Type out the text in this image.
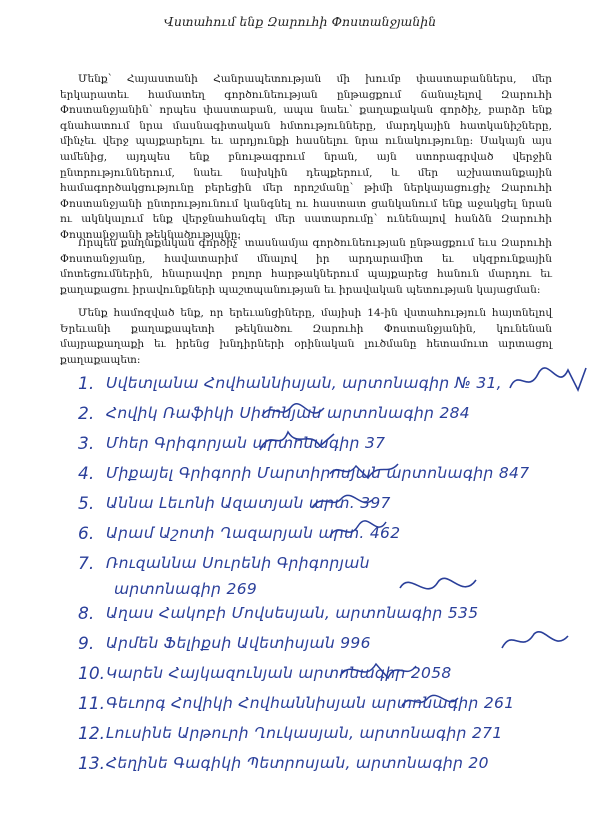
Վստահում ենք Զարուհի Փոստանջյանին
Մենք՝ Հայաստանի Հանրապետության մի խումբ փաստաբաններս, մեր երկարատեւ համատեղ գործունեության ընթացքում ճանաչելով Զարուհի Փոստանջյանին՝ որպես փաստաբան, ապա նաեւ՝ քաղաքական գործիչ, բարձր ենք գնահատում նրա մասնագիտական հմտությունները, մարդկային հատկանիշները, մինչեւ վերջ պայքարելու եւ արդյունքի հասնելու նրա ունակությունը: Սակայն այս ամենից, այդպես ենք բնութագրում նրան, այն ստորագրված վերջին ընտրություններում, նաեւ նախկին դեպքերում, և մեր աշխատանքային համագործակցությունը բերեցին մեր որոշմանը՝ թիմի ներկայացուցիչ Զարուհի Փոստանջյանի ընտրությունում կանգնել ու հաստատ ցանկանում ենք աջակցել նրան ու ակնկալում ենք վերջնահանգել մեր սատարումը՝ ունենալով հանձն Զարուհի Փոստանջյանի թեկնածությանը:
Որպես քաղաքական գործիչ՝ տասնամյա գործունեության ընթացքում եւս Զարուհի Փոստանջյանը, հավատարիմ մնալով իր արդարամիտ եւ սկզբունքային մոտեցումներին, հնարավոր բոլոր հարթակներում պայքարեց հանուն մարդու եւ քաղաքացու իրավունքների պաշտպանության եւ իրավական պետության կայացման:
Մենք համոզված ենք, որ երեւանցիները, մայիսի 14-ին վստահություն հայտնելով Երեւանի քաղաքապետի թեկնածու Զարուհի Փոստանջյանին, կունենան մայրաքաղաքի եւ իրենց խնդիրների օրինական լուծմանը հետամուտ արտացոլ քաղաքապետ:
1. Սվետլանա Հովհաննիսյան, արտոնագիր № 31,
2. Հովիկ Ռաֆիկի Սիմոնյան արտոնագիր 284
3. Մհեր Գրիգորյան արտոնագիր 37
4. Միքայել Գրիգորի Մարտիրոսյան արտոնագիր 847
5. Աննա Լեւոնի Ազատյան արտ. 397
6. Արամ Աշոտի Ղազարյան արտ. 462
7. Ռուզաննա Սուրենի Գրիգորյան
արտոնագիր 269
8. Աղաս Հակոբի Մովսեսյան, արտոնագիր 535
9. Արմեն Ֆելիքսի Ավետիսյան 996
10. Կարեն Հայկազունյան արտոնագիր 2058
11. Գեւորգ Հովիկի Հովհաննիսյան արտոնագիր 261
12. Լուսինե Արթուրի Ղուկասյան, արտոնագիր 271
13. Հեղինե Գագիկի Պետրոսյան, արտոնագիր 20
